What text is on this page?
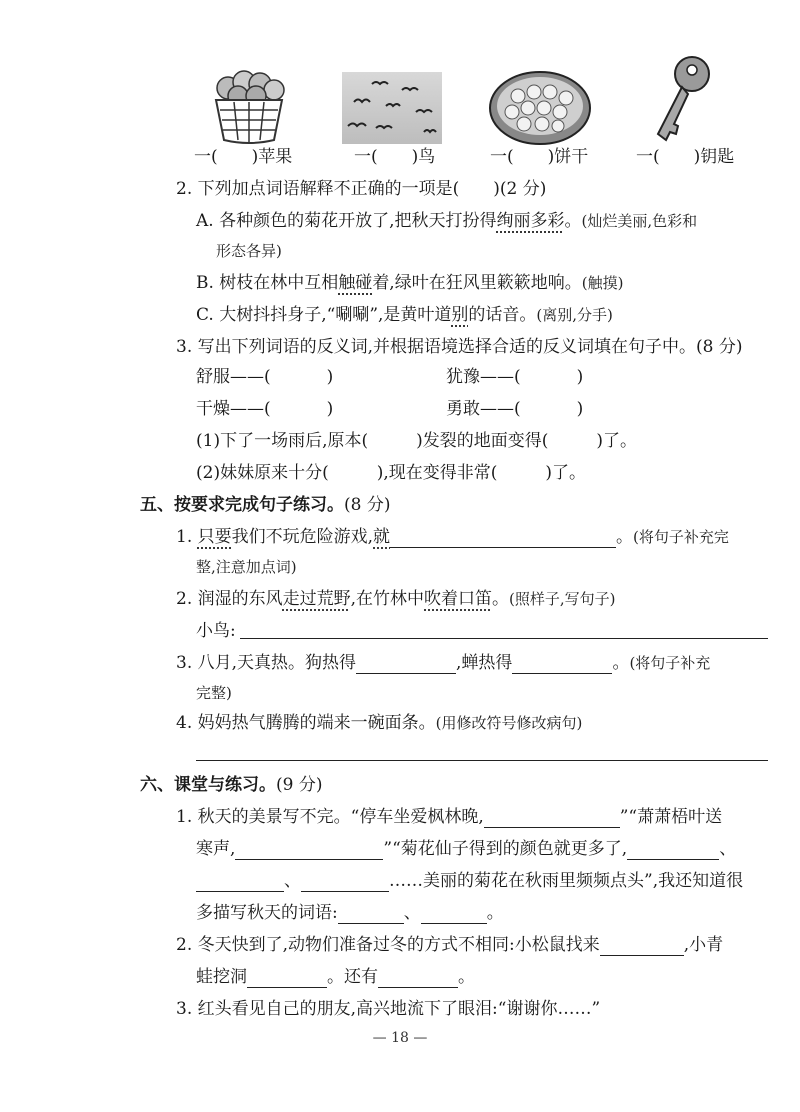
一( )苹果	一( )鸟	一( )饼干	一( )钥匙
2. 下列加点词语解释不正确的一项是(　　)(2 分)
A. 各种颜色的菊花开放了,把秋天打扮得绚丽多彩。(灿烂美丽,色彩和
形态各异)
B. 树枝在林中互相触碰着,绿叶在狂风里簌簌地响。(触摸)
C. 大树抖抖身子,“唰唰”,是黄叶道别的话音。(离别,分手)
3. 写出下列词语的反义词,并根据语境选择合适的反义词填在句子中。(8 分)
舒服——(	)	犹豫——(	)
干燥——(	)	勇敢——(	)
(1)下了一场雨后,原本(	)发裂的地面变得(	)了。
(2)妹妹原来十分(	),现在变得非常(	)了。
五、按要求完成句子练习。(8 分)
1. 只要我们不玩危险游戏,就	。(将句子补充完
整,注意加点词)
2. 润湿的东风走过荒野,在竹林中吹着口笛。(照样子,写句子)
小鸟:
3. 八月,天真热。狗热得	,蝉热得	。(将句子补充
完整)
4. 妈妈热气腾腾的端来一碗面条。(用修改符号修改病句)
六、课堂与练习。(9 分)
1. 秋天的美景写不完。“停车坐爱枫林晚,	”“萧萧梧叶送
寒声,	”“菊花仙子得到的颜色就更多了,	、
、	……美丽的菊花在秋雨里频频点头”,我还知道很
多描写秋天的词语:	、	。
2. 冬天快到了,动物们准备过冬的方式不相同:小松鼠找来	,小青
蛙挖洞	。还有	。
3. 红头看见自己的朋友,高兴地流下了眼泪:“谢谢你……”
— 18 —
